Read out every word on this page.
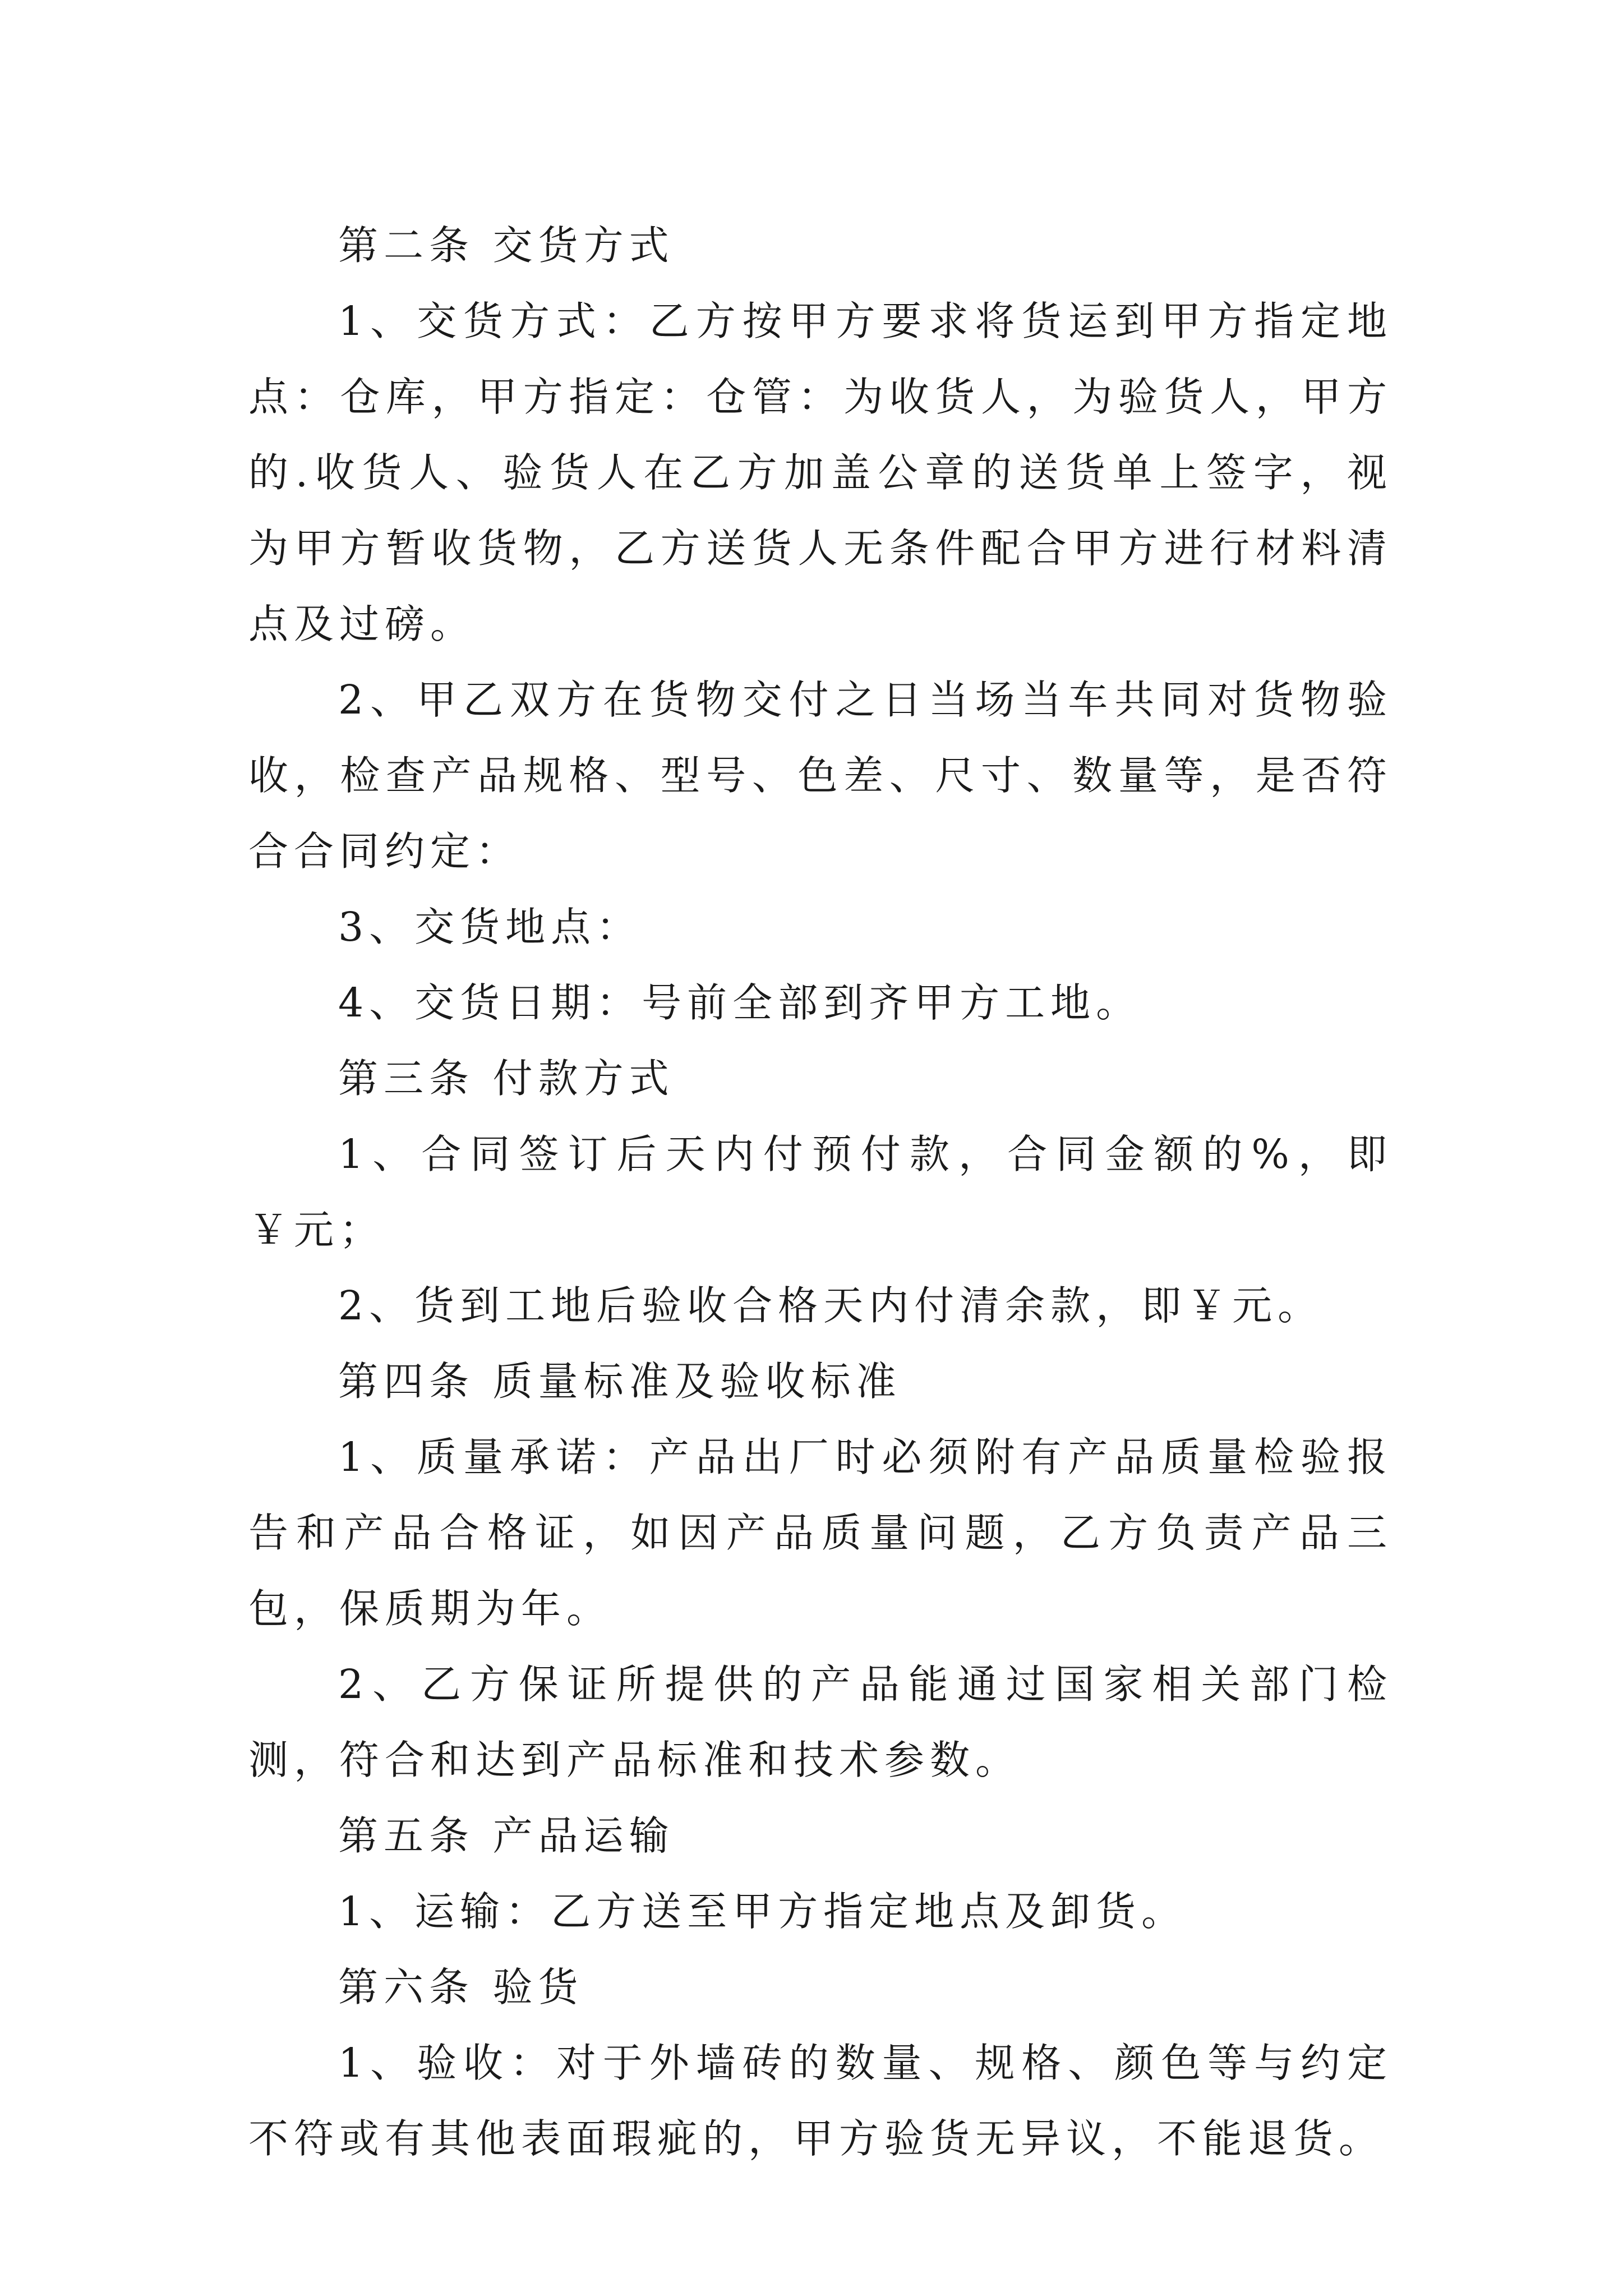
第二条 交货方式

1、交货方式：乙方按甲方要求将货运到甲方指定地点：仓库，甲方指定：仓管：为收货人，为验货人，甲方的.收货人、验货人在乙方加盖公章的送货单上签字，视为甲方暂收货物，乙方送货人无条件配合甲方进行材料清点及过磅。

2、甲乙双方在货物交付之日当场当车共同对货物验收，检查产品规格、型号、色差、尺寸、数量等，是否符合合同约定：

3、交货地点：

4、交货日期：号前全部到齐甲方工地。

第三条 付款方式

1、合同签订后天内付预付款，合同金额的%，即￥元；

2、货到工地后验收合格天内付清余款，即￥元。

第四条 质量标准及验收标准

1、质量承诺：产品出厂时必须附有产品质量检验报告和产品合格证，如因产品质量问题，乙方负责产品三包，保质期为年。

2、乙方保证所提供的产品能通过国家相关部门检测，符合和达到产品标准和技术参数。

第五条 产品运输

1、运输：乙方送至甲方指定地点及卸货。

第六条 验货

1、验收：对于外墙砖的数量、规格、颜色等与约定不符或有其他表面瑕疵的，甲方验货无异议，不能退货。
